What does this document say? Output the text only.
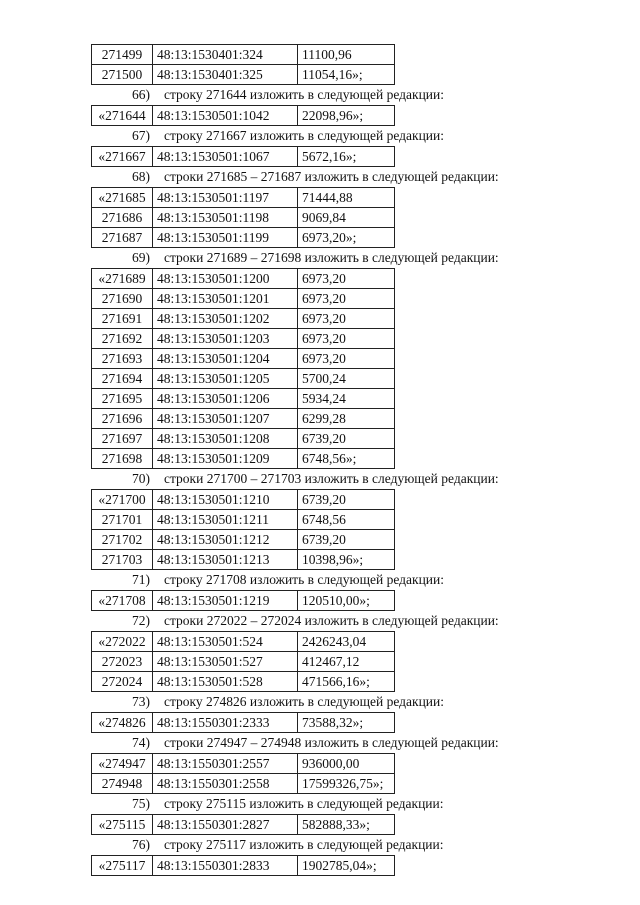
271499	48:13:1530401:324	11100,96
271500	48:13:1530401:325	11054,16»;
66) строку 271644 изложить в следующей редакции:
«271644	48:13:1530501:1042	22098,96»;
67) строку 271667 изложить в следующей редакции:
«271667	48:13:1530501:1067	5672,16»;
68) строки 271685 – 271687 изложить в следующей редакции:
«271685	48:13:1530501:1197	71444,88
271686	48:13:1530501:1198	9069,84
271687	48:13:1530501:1199	6973,20»;
69) строки 271689 – 271698 изложить в следующей редакции:
«271689	48:13:1530501:1200	6973,20
271690	48:13:1530501:1201	6973,20
271691	48:13:1530501:1202	6973,20
271692	48:13:1530501:1203	6973,20
271693	48:13:1530501:1204	6973,20
271694	48:13:1530501:1205	5700,24
271695	48:13:1530501:1206	5934,24
271696	48:13:1530501:1207	6299,28
271697	48:13:1530501:1208	6739,20
271698	48:13:1530501:1209	6748,56»;
70) строки 271700 – 271703 изложить в следующей редакции:
«271700	48:13:1530501:1210	6739,20
271701	48:13:1530501:1211	6748,56
271702	48:13:1530501:1212	6739,20
271703	48:13:1530501:1213	10398,96»;
71) строку 271708 изложить в следующей редакции:
«271708	48:13:1530501:1219	120510,00»;
72) строки 272022 – 272024 изложить в следующей редакции:
«272022	48:13:1530501:524	2426243,04
272023	48:13:1530501:527	412467,12
272024	48:13:1530501:528	471566,16»;
73) строку 274826 изложить в следующей редакции:
«274826	48:13:1550301:2333	73588,32»;
74) строки 274947 – 274948 изложить в следующей редакции:
«274947	48:13:1550301:2557	936000,00
274948	48:13:1550301:2558	17599326,75»;
75) строку 275115 изложить в следующей редакции:
«275115	48:13:1550301:2827	582888,33»;
76) строку 275117 изложить в следующей редакции:
«275117	48:13:1550301:2833	1902785,04»;
